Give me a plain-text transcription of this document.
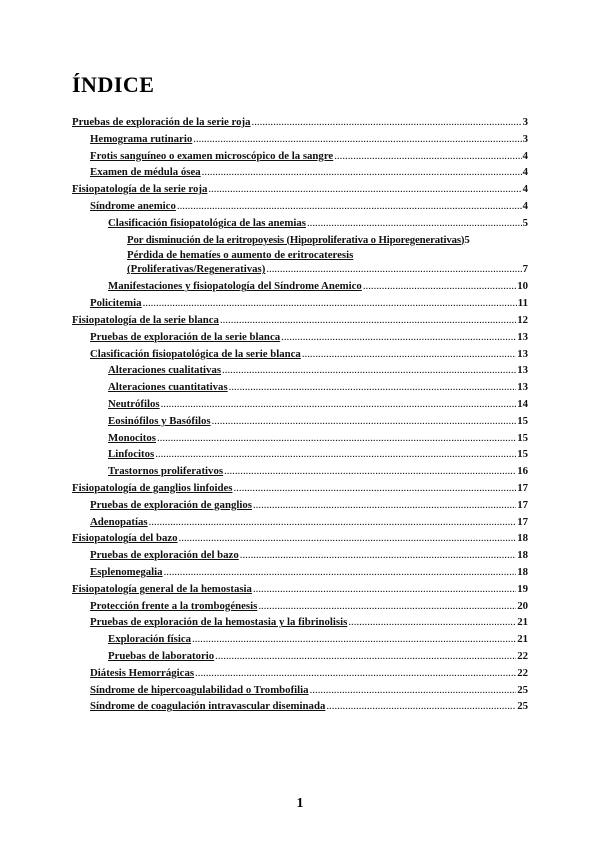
ÍNDICE
Pruebas de exploración de la serie roja .....	3
Hemograma rutinario .....	3
Frotis sanguíneo o examen microscópico de la sangre .....	4
Examen de médula ósea .....	4
Fisiopatología de la serie roja .....	4
Síndrome anemico .....	4
Clasificación fisiopatológica de las anemias .....	5
Por disminución de la eritropoyesis (Hipoproliferativa o Hiporegenerativas) 5
Pérdida de hematíes o aumento de eritrocateresis
(Proliferativas/Regenerativas) .....	7
Manifestaciones y fisiopatología del Síndrome Anemico .....	10
Policitemia .....	11
Fisiopatología de la serie blanca .....	12
Pruebas de exploración de la serie blanca .....	13
Clasificación fisiopatológica de la serie blanca .....	13
Alteraciones cualitativas .....	13
Alteraciones cuantitativas .....	13
Neutrófilos .....	14
Eosinófilos y Basófilos .....	15
Monocitos .....	15
Linfocitos .....	15
Trastornos proliferativos .....	16
Fisiopatología de ganglios linfoides .....	17
Pruebas de exploración de ganglios .....	17
Adenopatías .....	17
Fisiopatología del bazo .....	18
Pruebas de exploración del bazo .....	18
Esplenomegalia .....	18
Fisiopatología general de la hemostasia .....	19
Protección frente a la trombogénesis .....	20
Pruebas de exploración de la hemostasia y la fibrinolisis .....	21
Exploración física .....	21
Pruebas de laboratorio .....	22
Diátesis Hemorrágicas .....	22
Síndrome de hipercoagulabilidad o Trombofilia .....	25
Síndrome de coagulación intravascular diseminada .....	25
1
